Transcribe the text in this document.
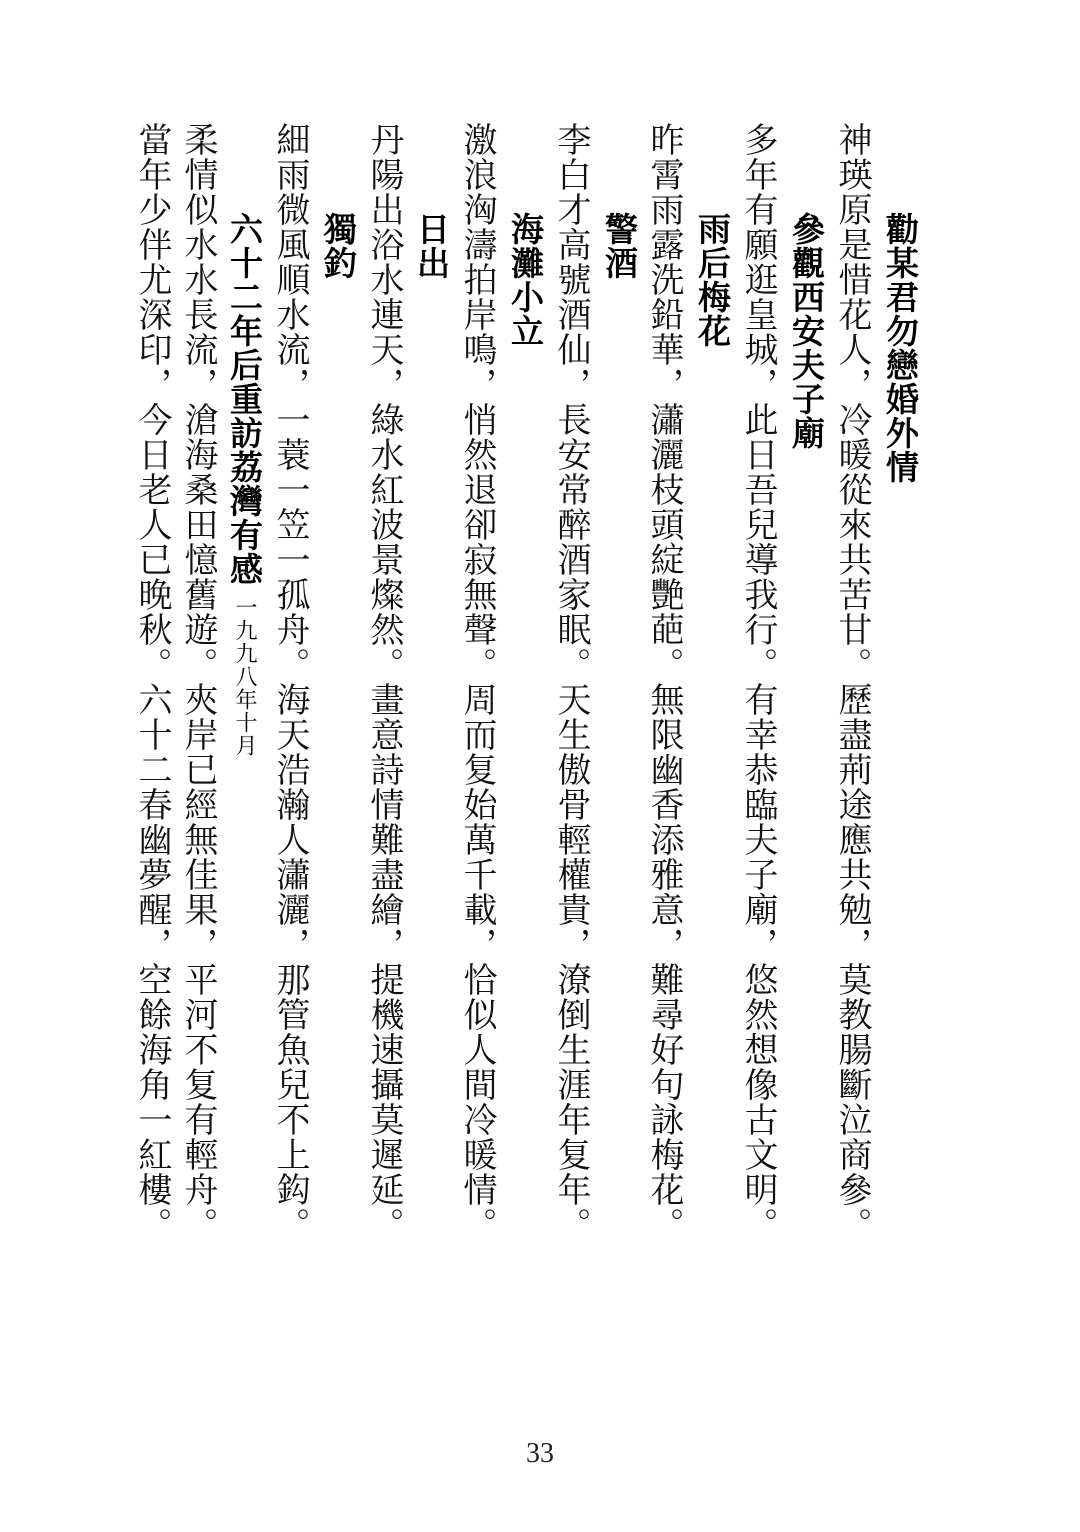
勸某君勿戀婚外情
神瑛原是惜花人，冷暖從來共苦甘。歷盡荊途應共勉，莫教腸斷泣商參。
參觀西安夫子廟
多年有願逛皇城，此日吾兒導我行。有幸恭臨夫子廟，悠然想像古文明。
雨后梅花
昨霄雨露洗鉛華，瀟灑枝頭綻艷葩。無限幽香添雅意，難尋好句詠梅花。
警酒
李白才高號酒仙，長安常醉酒家眠。天生傲骨輕權貴，潦倒生涯年复年。
海灘小立
激浪洶濤拍岸鳴，悄然退卻寂無聲。周而复始萬千載，恰似人間冷暖情。
日出
丹陽出浴水連天，綠水紅波景燦然。畫意詩情難盡繪，提機速攝莫遲延。
獨釣
細雨微風順水流，一蓑一笠一孤舟。海天浩瀚人瀟灑，那管魚兒不上鈎。
六十二年后重訪荔灣有感一九九八年十月
柔情似水水長流，滄海桑田憶舊遊。夾岸已經無佳果，平河不复有輕舟。
當年少伴尤深印，今日老人已晚秋。六十二春幽夢醒，空餘海角一紅樓。
33
